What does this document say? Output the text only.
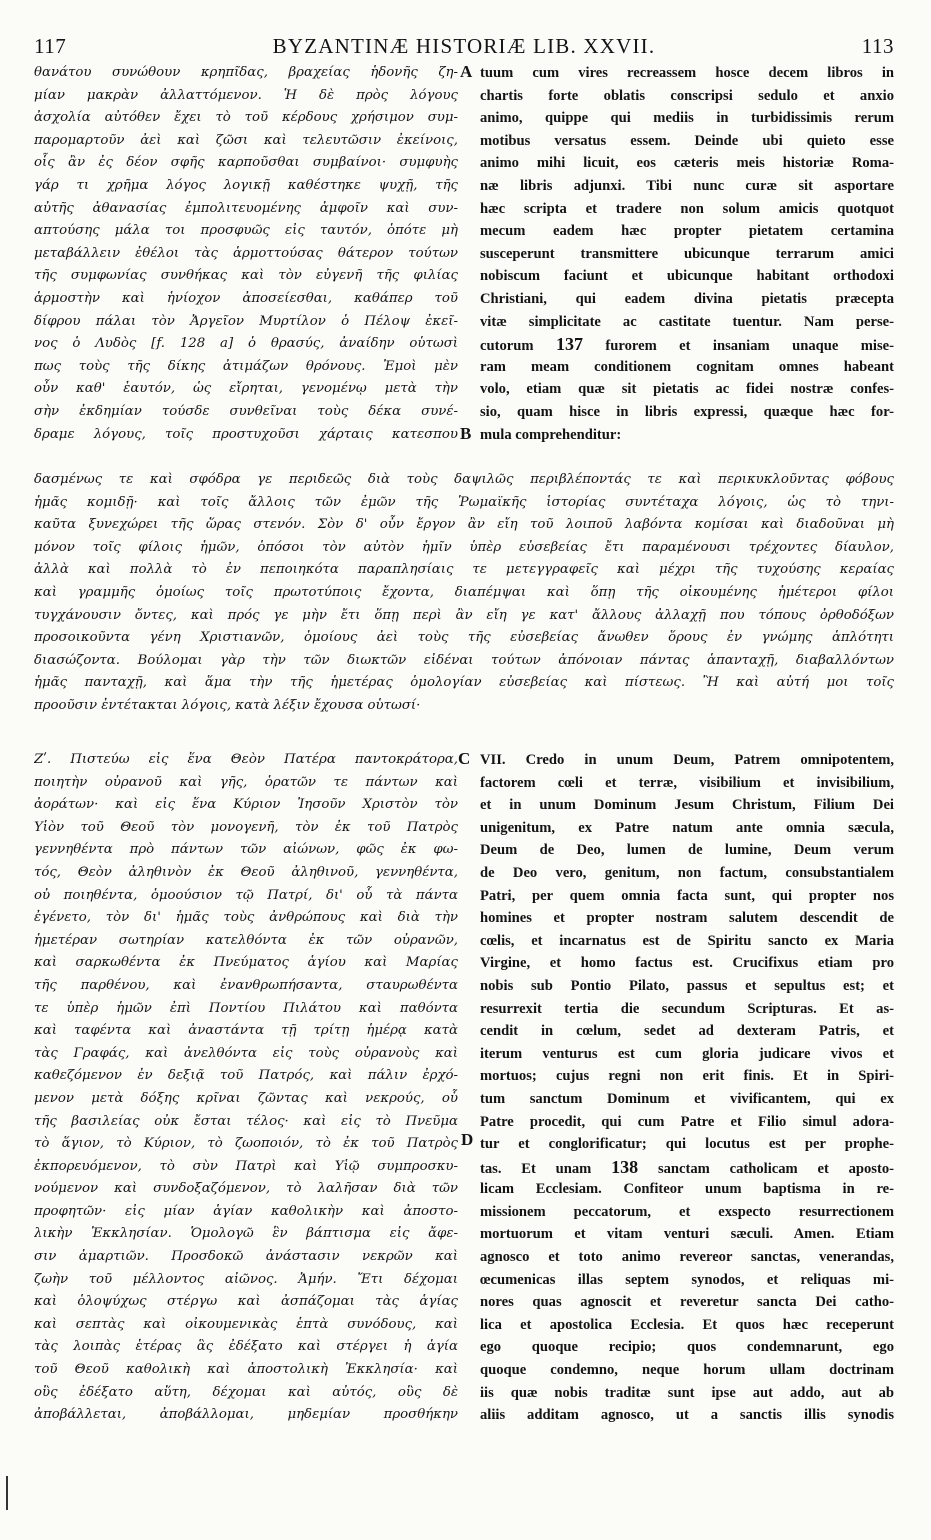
117	BYZANTINÆ HISTORIÆ LIB. XXVII.	113
θανάτου συνώθουν κρηπῖδας, βραχείας ἡδονῆς ζη-
μίαν μακρὰν ἀλλαττόμενον. Ἡ δὲ πρὸς λόγους
ἀσχολία αὐτόθεν ἔχει τὸ τοῦ κέρδους χρήσιμον συμ-
παρομαρτοῦν ἀεὶ καὶ ζῶσι καὶ τελευτῶσιν ἐκείνοις,
οἷς ἂν ἐς δέον σφῆς καρποῦσθαι συμβαίνοι· συμφυὴς
γάρ τι χρῆμα λόγος λογικῇ καθέστηκε ψυχῇ, τῆς
αὐτῆς ἀθανασίας ἐμπολιτευομένης ἀμφοῖν καὶ συν-
απτούσης μάλα τοι προσφυῶς εἰς ταυτόν, ὁπότε μὴ
μεταβάλλειν ἐθέλοι τὰς ἁρμοττούσας θάτερον τούτων
τῆς συμφωνίας συνθήκας καὶ τὸν εὐγενῆ τῆς φιλίας
ἁρμοστὴν καὶ ἡνίοχον ἀποσείεσθαι, καθάπερ τοῦ
δίφρου πάλαι τὸν Ἀργεῖον Μυρτίλον ὁ Πέλοψ ἐκεῖ-
νος ὁ Λυδὸς [f. 128 a] ὁ θρασύς, ἀναίδην οὑτωσὶ
πως τοὺς τῆς δίκης ἀτιμάζων θρόνους. Ἐμοὶ μὲν
οὖν καθ' ἑαυτόν, ὡς εἴρηται, γενομένῳ μετὰ τὴν
σὴν ἐκδημίαν τούσδε συνθεῖναι τοὺς δέκα συνέ-
δραμε λόγους, τοῖς προστυχοῦσι χάρταις κατεσπου
A
B
C
D
tuum cum vires recreassem hosce decem libros in
chartis forte oblatis conscripsi sedulo et anxio
animo, quippe qui mediis in turbidissimis rerum
motibus versatus essem. Deinde ubi quieto esse
animo mihi licuit, eos cæteris meis historiæ Roma-
næ libris adjunxi. Tibi nunc curæ sit asportare
hæc scripta et tradere non solum amicis quotquot
mecum eadem hæc propter pietatem certamina
susceperunt transmittere ubicunque terrarum amici
nobiscum faciunt et ubicunque habitant orthodoxi
Christiani, qui eadem divina pietatis præcepta
vitæ simplicitate ac castitate tuentur. Nam perse-
cutorum 137 furorem et insaniam unaque mise-
ram meam conditionem cognitam omnes habeant
volo, etiam quæ sit pietatis ac fidei nostræ confes-
sio, quam hisce in libris expressi, quæque hæc for-
mula comprehenditur:
δασμένως τε καὶ σφόδρα γε περιδεῶς διὰ τοὺς δαψιλῶς περιβλέποντάς τε καὶ περικυκλοῦντας φόβους
ἡμᾶς κομιδῇ· καὶ τοῖς ἄλλοις τῶν ἐμῶν τῆς Ῥωμαϊκῆς ἱστορίας συντέταχα λόγοις, ὡς τὸ τηνι-
καῦτα ξυνεχώρει τῆς ὥρας στενόν. Σὸν δ' οὖν ἔργον ἂν εἴη τοῦ λοιποῦ λαβόντα κομίσαι καὶ διαδοῦναι μὴ
μόνον τοῖς φίλοις ἡμῶν, ὁπόσοι τὸν αὐτὸν ἡμῖν ὑπὲρ εὐσεβείας ἔτι παραμένουσι τρέχοντες δίαυλον,
ἀλλὰ καὶ πολλὰ τὸ ἐν πεποιηκότα παραπλησίαις τε μετεγγραφεῖς καὶ μέχρι τῆς τυχούσης κεραίας
καὶ γραμμῆς ὁμοίως τοῖς πρωτοτύποις ἔχοντα, διαπέμψαι καὶ ὅπῃ τῆς οἰκουμένης ἡμέτεροι φίλοι
τυγχάνουσιν ὄντες, καὶ πρός γε μὴν ἔτι ὅπῃ περὶ ἂν εἴη γε κατ' ἄλλους ἀλλαχῇ που τόπους ὀρθοδόξων
προσοικοῦντα γένη Χριστιανῶν, ὁμοίους ἀεὶ τοὺς τῆς εὐσεβείας ἄνωθεν ὅρους ἐν γνώμης ἁπλότητι
διασώζοντα. Βούλομαι γὰρ τὴν τῶν διωκτῶν εἰδέναι τούτων ἀπόνοιαν πάντας ἁπανταχῇ, διαβαλλόντων
ἡμᾶς πανταχῇ, καὶ ἅμα τὴν τῆς ἡμετέρας ὁμολογίαν εὐσεβείας καὶ πίστεως. Ἢ καὶ αὐτή μοι τοῖς
προοῦσιν ἐντέτακται λόγοις, κατὰ λέξιν ἔχουσα οὑτωσί·
Ζʹ. Πιστεύω εἰς ἕνα Θεὸν Πατέρα παντοκράτορα,
ποιητὴν οὐρανοῦ καὶ γῆς, ὁρατῶν τε πάντων καὶ
ἀοράτων· καὶ εἰς ἕνα Κύριον Ἰησοῦν Χριστὸν τὸν
Υἱὸν τοῦ Θεοῦ τὸν μονογενῆ, τὸν ἐκ τοῦ Πατρὸς
γεννηθέντα πρὸ πάντων τῶν αἰώνων, φῶς ἐκ φω-
τός, Θεὸν ἀληθινὸν ἐκ Θεοῦ ἀληθινοῦ, γεννηθέντα,
οὐ ποιηθέντα, ὁμοούσιον τῷ Πατρί, δι' οὗ τὰ πάντα
ἐγένετο, τὸν δι' ἡμᾶς τοὺς ἀνθρώπους καὶ διὰ τὴν
ἡμετέραν σωτηρίαν κατελθόντα ἐκ τῶν οὐρανῶν,
καὶ σαρκωθέντα ἐκ Πνεύματος ἁγίου καὶ Μαρίας
τῆς παρθένου, καὶ ἐνανθρωπήσαντα, σταυρωθέντα
τε ὑπὲρ ἡμῶν ἐπὶ Ποντίου Πιλάτου καὶ παθόντα
καὶ ταφέντα καὶ ἀναστάντα τῇ τρίτῃ ἡμέρᾳ κατὰ
τὰς Γραφάς, καὶ ἀνελθόντα εἰς τοὺς οὐρανοὺς καὶ
καθεζόμενον ἐν δεξιᾷ τοῦ Πατρός, καὶ πάλιν ἐρχό-
μενον μετὰ δόξης κρῖναι ζῶντας καὶ νεκρούς, οὗ
τῆς βασιλείας οὐκ ἔσται τέλος· καὶ εἰς τὸ Πνεῦμα
τὸ ἅγιον, τὸ Κύριον, τὸ ζωοποιόν, τὸ ἐκ τοῦ Πατρὸς
ἐκπορευόμενον, τὸ σὺν Πατρὶ καὶ Υἱῷ συμπροσκυ-
νούμενον καὶ συνδοξαζόμενον, τὸ λαλῆσαν διὰ τῶν
προφητῶν· εἰς μίαν ἁγίαν καθολικὴν καὶ ἀποστο-
λικὴν Ἐκκλησίαν. Ὁμολογῶ ἓν βάπτισμα εἰς ἄφε-
σιν ἁμαρτιῶν. Προσδοκῶ ἀνάστασιν νεκρῶν καὶ
ζωὴν τοῦ μέλλοντος αἰῶνος. Ἀμήν. Ἔτι δέχομαι
καὶ ὁλοψύχως στέργω καὶ ἀσπάζομαι τὰς ἁγίας
καὶ σεπτὰς καὶ οἰκουμενικὰς ἑπτὰ συνόδους, καὶ
τὰς λοιπὰς ἑτέρας ἃς ἐδέξατο καὶ στέργει ἡ ἁγία
τοῦ Θεοῦ καθολικὴ καὶ ἀποστολικὴ Ἐκκλησία· καὶ
οὓς ἐδέξατο αὕτη, δέχομαι καὶ αὐτός, οὓς δὲ
ἀποβάλλεται, ἀποβάλλομαι, μηδεμίαν προσθήκην
VII. Credo in unum Deum, Patrem omnipotentem,
factorem cœli et terræ, visibilium et invisibilium,
et in unum Dominum Jesum Christum, Filium Dei
unigenitum, ex Patre natum ante omnia sæcula,
Deum de Deo, lumen de lumine, Deum verum
de Deo vero, genitum, non factum, consubstantialem
Patri, per quem omnia facta sunt, qui propter nos
homines et propter nostram salutem descendit de
cœlis, et incarnatus est de Spiritu sancto ex Maria
Virgine, et homo factus est. Crucifixus etiam pro
nobis sub Pontio Pilato, passus et sepultus est; et
resurrexit tertia die secundum Scripturas. Et as-
cendit in cœlum, sedet ad dexteram Patris, et
iterum venturus est cum gloria judicare vivos et
mortuos; cujus regni non erit finis. Et in Spiri-
tum sanctum Dominum et vivificantem, qui ex
Patre procedit, qui cum Patre et Filio simul adora-
tur et conglorificatur; qui locutus est per prophe-
tas. Et unam 138 sanctam catholicam et aposto-
licam Ecclesiam. Confiteor unum baptisma in re-
missionem peccatorum, et exspecto resurrectionem
mortuorum et vitam venturi sæculi. Amen. Etiam
agnosco et toto animo revereor sanctas, venerandas,
œcumenicas illas septem synodos, et reliquas mi-
nores quas agnoscit et reveretur sancta Dei catho-
lica et apostolica Ecclesia. Et quos hæc receperunt
ego quoque recipio; quos condemnarunt, ego
quoque condemno, neque horum ullam doctrinam
iis quæ nobis traditæ sunt ipse aut addo, aut ab
aliis additam agnosco, ut a sanctis illis synodis
